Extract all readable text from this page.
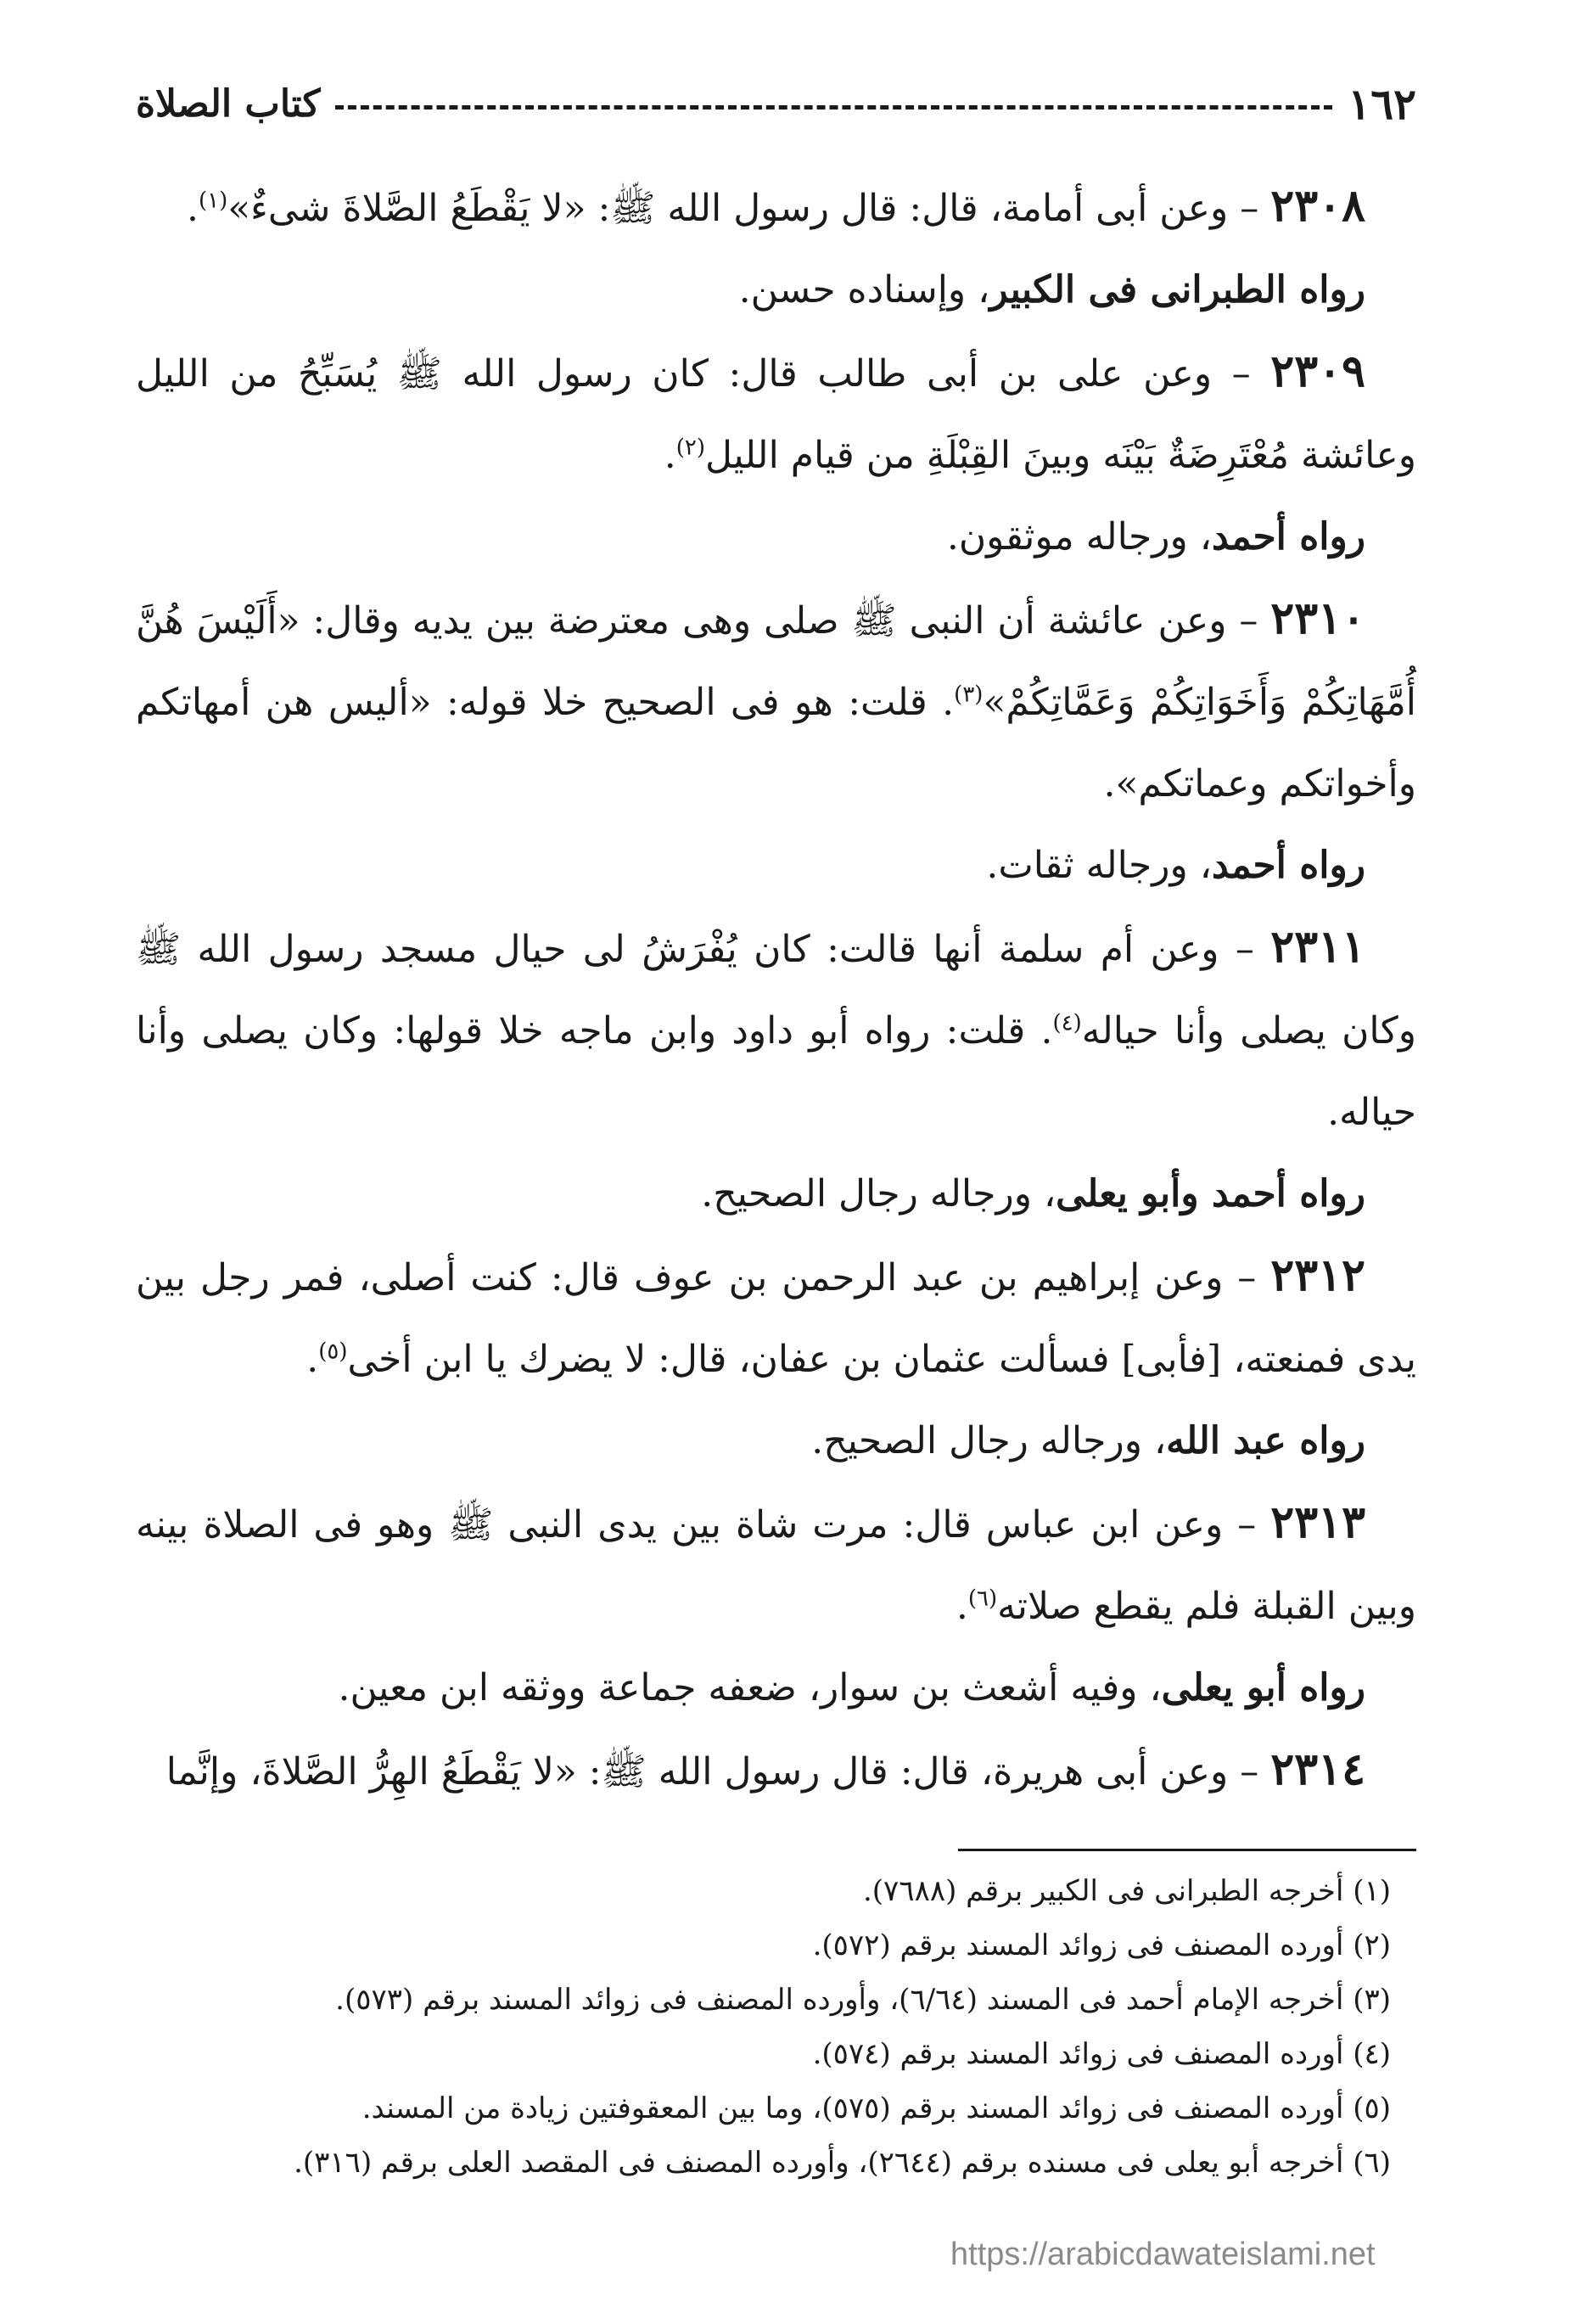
١٦٢
كتاب الصلاة

٢٣٠٨ – وعن أبى أمامة، قال: قال رسول الله ﷺ: «لا يَقْطَعُ الصَّلاةَ شىءٌ»$^{(١)}$.

رواه الطبرانى فى الكبير، وإسناده حسن.

٢٣٠٩ – وعن على بن أبى طالب قال: كان رسول الله ﷺ يُسَبِّحُ من الليل وعائشة مُعْتَرِضَةٌ بَيْنَه وبينَ القِبْلَةِ من قيام الليل$^{(٢)}$.

رواه أحمد، ورجاله موثقون.

٢٣١٠ – وعن عائشة أن النبى ﷺ صلى وهى معترضة بين يديه وقال: «أَلَيْسَ هُنَّ أُمَّهَاتِكُمْ وَأَخَوَاتِكُمْ وَعَمَّاتِكُمْ»$^{(٣)}$. قلت: هو فى الصحيح خلا قوله: «أليس هن أمهاتكم وأخواتكم وعماتكم».

رواه أحمد، ورجاله ثقات.

٢٣١١ – وعن أم سلمة أنها قالت: كان يُفْرَشُ لى حيال مسجد رسول الله ﷺ وكان يصلى وأنا حياله$^{(٤)}$. قلت: رواه أبو داود وابن ماجه خلا قولها: وكان يصلى وأنا حياله.

رواه أحمد وأبو يعلى، ورجاله رجال الصحيح.

٢٣١٢ – وعن إبراهيم بن عبد الرحمن بن عوف قال: كنت أصلى، فمر رجل بين يدى فمنعته، [فأبى] فسألت عثمان بن عفان، قال: لا يضرك يا ابن أخى$^{(٥)}$.

رواه عبد الله، ورجاله رجال الصحيح.

٢٣١٣ – وعن ابن عباس قال: مرت شاة بين يدى النبى ﷺ وهو فى الصلاة بينه وبين القبلة فلم يقطع صلاته$^{(٦)}$.

رواه أبو يعلى، وفيه أشعث بن سوار، ضعفه جماعة ووثقه ابن معين.

٢٣١٤ – وعن أبى هريرة، قال: قال رسول الله ﷺ: «لا يَقْطَعُ الهِرُّ الصَّلاةَ، وإنَّما

(١) أخرجه الطبرانى فى الكبير برقم (٧٦٨٨).

(٢) أورده المصنف فى زوائد المسند برقم (٥٧٢).

(٣) أخرجه الإمام أحمد فى المسند (٦/٦٤)، وأورده المصنف فى زوائد المسند برقم (٥٧٣).

(٤) أورده المصنف فى زوائد المسند برقم (٥٧٤).

(٥) أورده المصنف فى زوائد المسند برقم (٥٧٥)، وما بين المعقوفتين زيادة من المسند.

(٦) أخرجه أبو يعلى فى مسنده برقم (٢٦٤٤)، وأورده المصنف فى المقصد العلى برقم (٣١٦).

https://arabicdawateislami.net
